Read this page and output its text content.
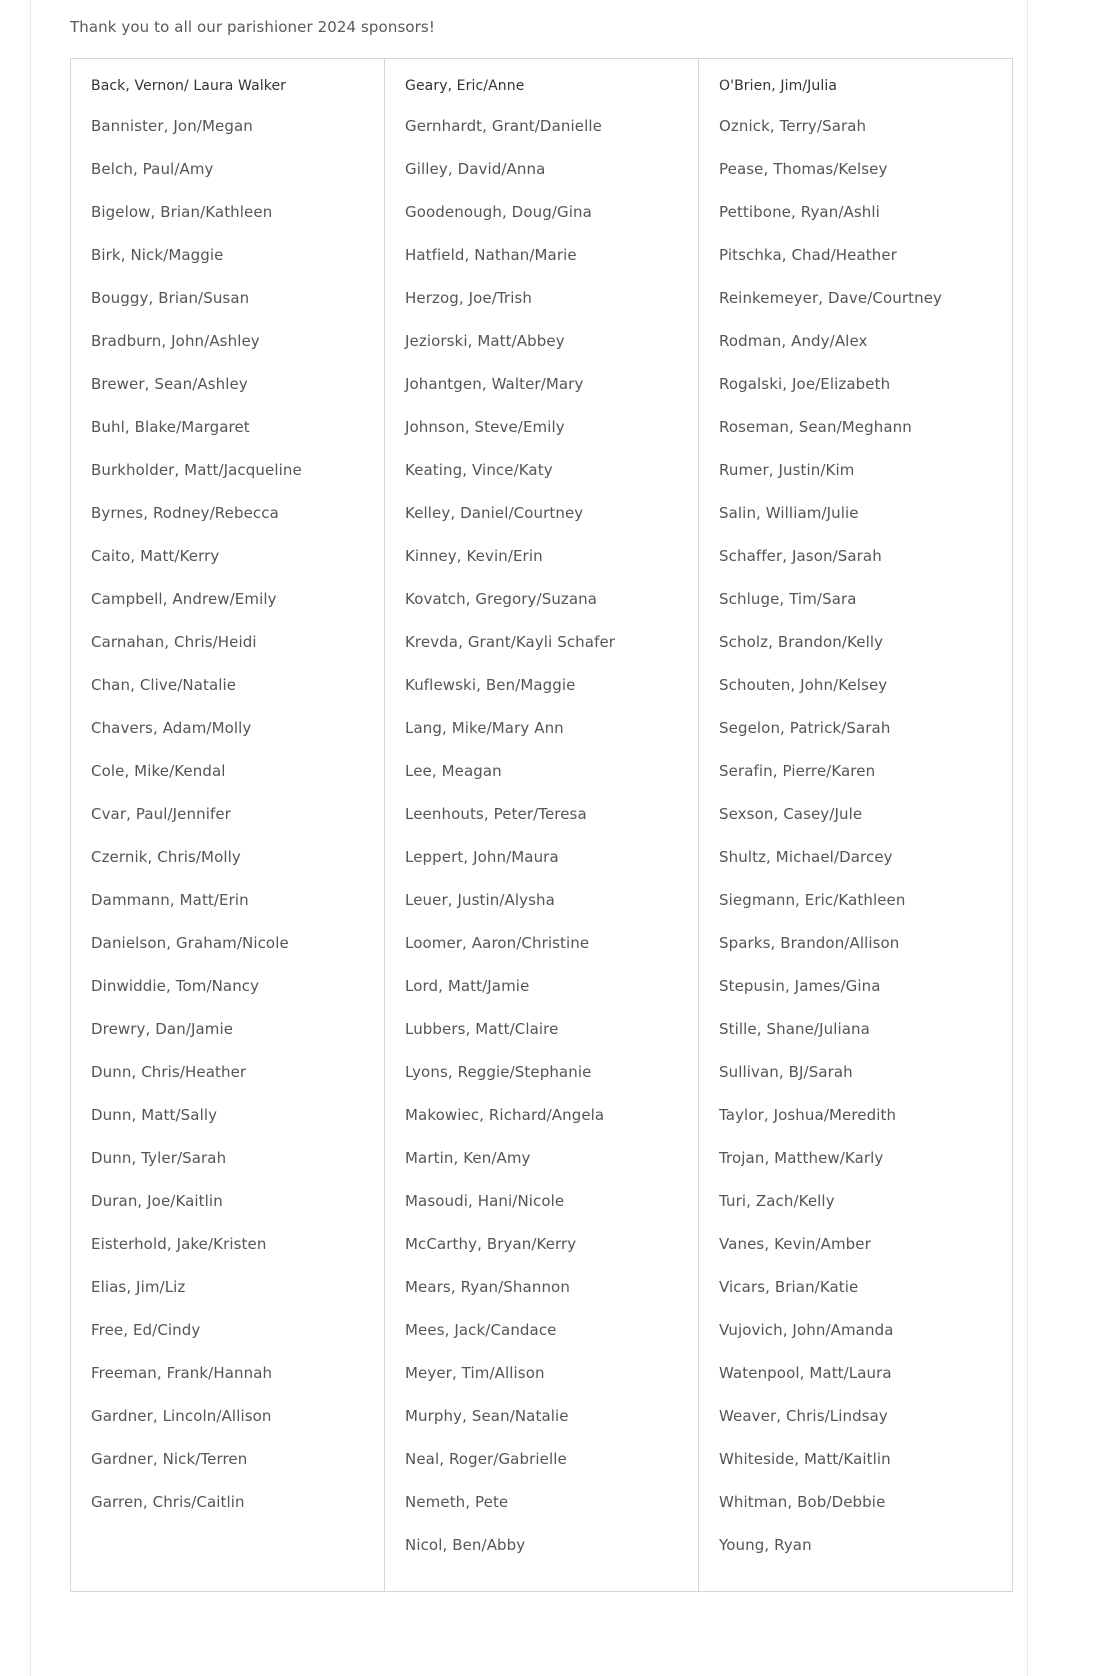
Thank you to all our parishioner 2024 sponsors!

Back, Vernon/ Laura Walker
Bannister, Jon/Megan
Belch, Paul/Amy
Bigelow, Brian/Kathleen
Birk, Nick/Maggie
Bouggy, Brian/Susan
Bradburn, John/Ashley
Brewer, Sean/Ashley
Buhl, Blake/Margaret
Burkholder, Matt/Jacqueline
Byrnes, Rodney/Rebecca
Caito, Matt/Kerry
Campbell, Andrew/Emily
Carnahan, Chris/Heidi
Chan, Clive/Natalie
Chavers, Adam/Molly
Cole, Mike/Kendal
Cvar, Paul/Jennifer
Czernik, Chris/Molly
Dammann, Matt/Erin
Danielson, Graham/Nicole
Dinwiddie, Tom/Nancy
Drewry, Dan/Jamie
Dunn, Chris/Heather
Dunn, Matt/Sally
Dunn, Tyler/Sarah
Duran, Joe/Kaitlin
Eisterhold, Jake/Kristen
Elias, Jim/Liz
Free, Ed/Cindy
Freeman, Frank/Hannah
Gardner, Lincoln/Allison
Gardner, Nick/Terren
Garren, Chris/Caitlin
Geary, Eric/Anne
Gernhardt, Grant/Danielle
Gilley, David/Anna
Goodenough, Doug/Gina
Hatfield, Nathan/Marie
Herzog, Joe/Trish
Jeziorski, Matt/Abbey
Johantgen, Walter/Mary
Johnson, Steve/Emily
Keating, Vince/Katy
Kelley, Daniel/Courtney
Kinney, Kevin/Erin
Kovatch, Gregory/Suzana
Krevda, Grant/Kayli Schafer
Kuflewski, Ben/Maggie
Lang, Mike/Mary Ann
Lee, Meagan
Leenhouts, Peter/Teresa
Leppert, John/Maura
Leuer, Justin/Alysha
Loomer, Aaron/Christine
Lord, Matt/Jamie
Lubbers, Matt/Claire
Lyons, Reggie/Stephanie
Makowiec, Richard/Angela
Martin, Ken/Amy
Masoudi, Hani/Nicole
McCarthy, Bryan/Kerry
Mears, Ryan/Shannon
Mees, Jack/Candace
Meyer, Tim/Allison
Murphy, Sean/Natalie
Neal, Roger/Gabrielle
Nemeth, Pete
Nicol, Ben/Abby
O'Brien, Jim/Julia
Oznick, Terry/Sarah
Pease, Thomas/Kelsey
Pettibone, Ryan/Ashli
Pitschka, Chad/Heather
Reinkemeyer, Dave/Courtney
Rodman, Andy/Alex
Rogalski, Joe/Elizabeth
Roseman, Sean/Meghann
Rumer, Justin/Kim
Salin, William/Julie
Schaffer, Jason/Sarah
Schluge, Tim/Sara
Scholz, Brandon/Kelly
Schouten, John/Kelsey
Segelon, Patrick/Sarah
Serafin, Pierre/Karen
Sexson, Casey/Jule
Shultz, Michael/Darcey
Siegmann, Eric/Kathleen
Sparks, Brandon/Allison
Stepusin, James/Gina
Stille, Shane/Juliana
Sullivan, BJ/Sarah
Taylor, Joshua/Meredith
Trojan, Matthew/Karly
Turi, Zach/Kelly
Vanes, Kevin/Amber
Vicars, Brian/Katie
Vujovich, John/Amanda
Watenpool, Matt/Laura
Weaver, Chris/Lindsay
Whiteside, Matt/Kaitlin
Whitman, Bob/Debbie
Young, Ryan
